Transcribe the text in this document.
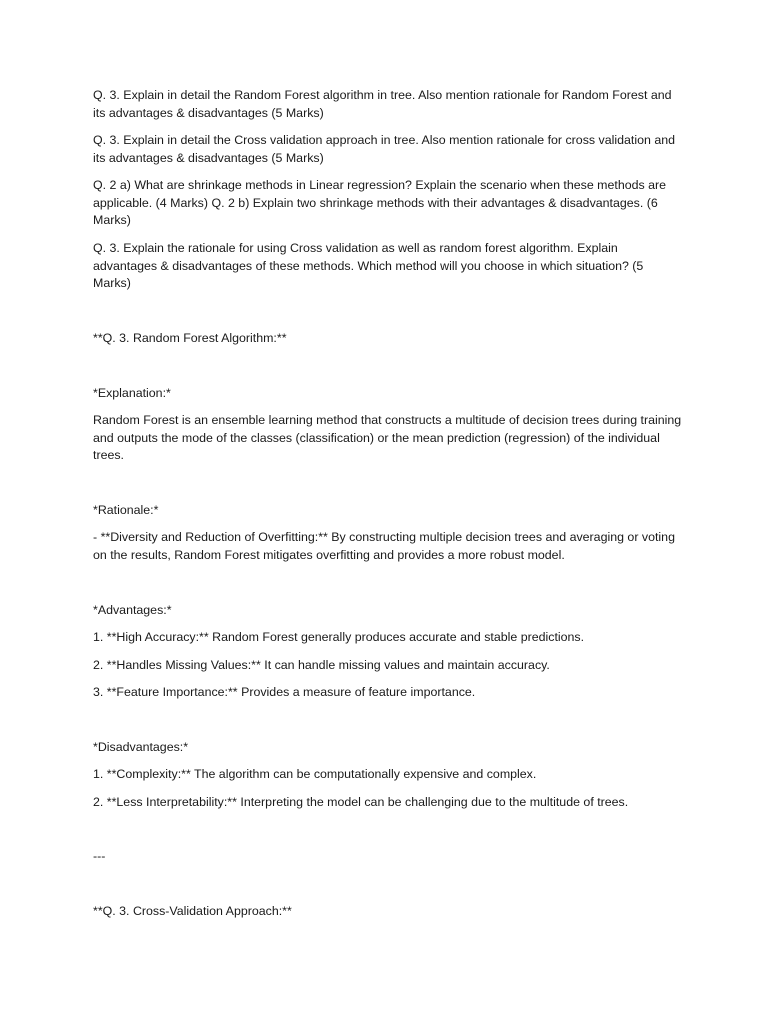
Q. 3. Explain in detail the Random Forest algorithm in tree. Also mention rationale for Random Forest and its advantages & disadvantages (5 Marks)

Q. 3. Explain in detail the Cross validation approach in tree. Also mention rationale for cross validation and its advantages & disadvantages (5 Marks)

Q. 2 a) What are shrinkage methods in Linear regression? Explain the scenario when these methods are applicable. (4 Marks) Q. 2 b) Explain two shrinkage methods with their advantages & disadvantages. (6 Marks)

Q. 3. Explain the rationale for using Cross validation as well as random forest algorithm. Explain advantages & disadvantages of these methods. Which method will you choose in which situation? (5 Marks)

**Q. 3. Random Forest Algorithm:**

*Explanation:*

Random Forest is an ensemble learning method that constructs a multitude of decision trees during training and outputs the mode of the classes (classification) or the mean prediction (regression) of the individual trees.

*Rationale:*

- **Diversity and Reduction of Overfitting:** By constructing multiple decision trees and averaging or voting on the results, Random Forest mitigates overfitting and provides a more robust model.

*Advantages:*

1. **High Accuracy:** Random Forest generally produces accurate and stable predictions.

2. **Handles Missing Values:** It can handle missing values and maintain accuracy.

3. **Feature Importance:** Provides a measure of feature importance.

*Disadvantages:*

1. **Complexity:** The algorithm can be computationally expensive and complex.

2. **Less Interpretability:** Interpreting the model can be challenging due to the multitude of trees.

---

**Q. 3. Cross-Validation Approach:**
